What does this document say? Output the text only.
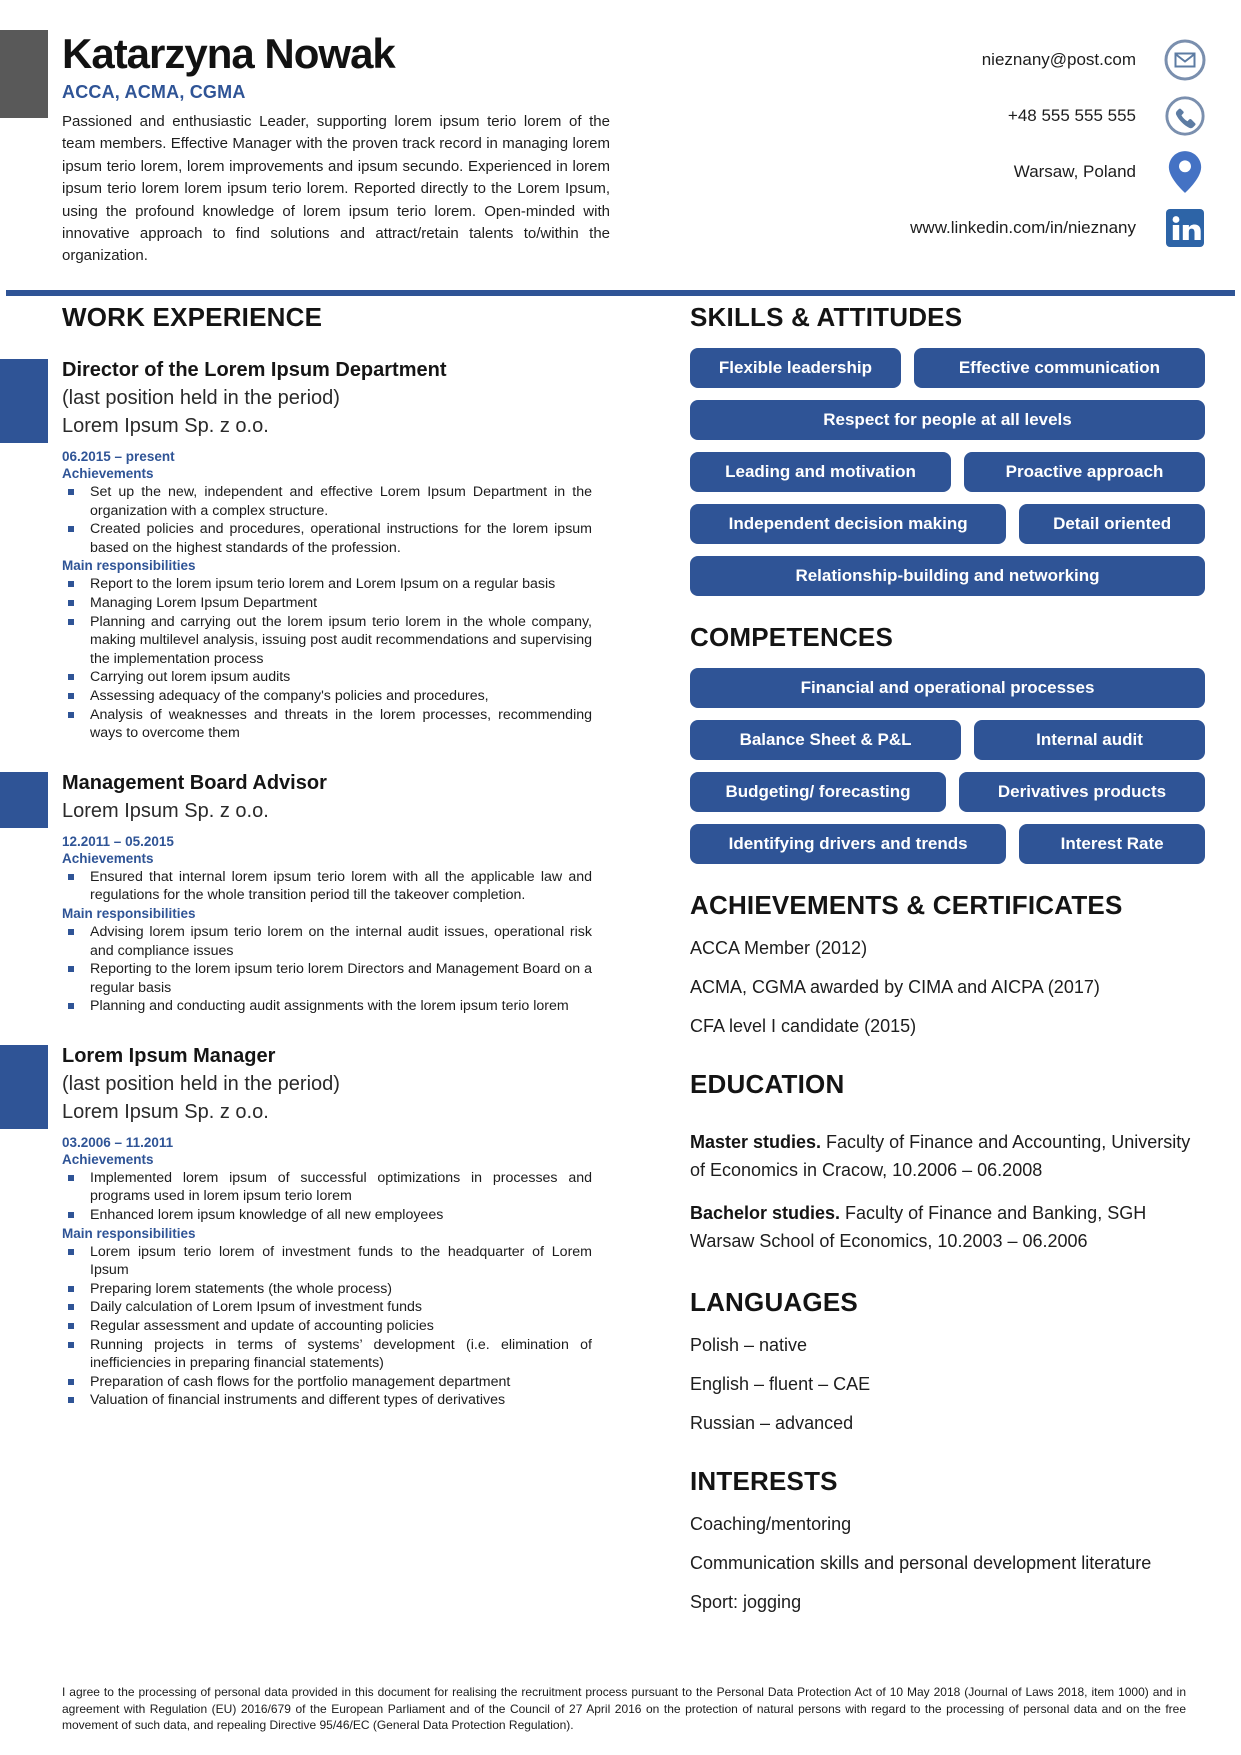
Katarzyna Nowak
ACCA, ACMA, CGMA
Passioned and enthusiastic Leader, supporting lorem ipsum terio lorem of the team members. Effective Manager with the proven track record in managing lorem ipsum terio lorem, lorem improvements and ipsum secundo. Experienced in lorem ipsum terio lorem lorem ipsum terio lorem. Reported directly to the Lorem Ipsum, using the profound knowledge of lorem ipsum terio lorem. Open-minded with innovative approach to find solutions and attract/retain talents to/within the organization.
nieznany@post.com
+48 555 555 555
Warsaw, Poland
www.linkedin.com/in/nieznany
WORK EXPERIENCE
Director of the Lorem Ipsum Department
(last position held in the period)
Lorem Ipsum Sp. z o.o.
06.2015 – present
Achievements
Set up the new, independent and effective Lorem Ipsum Department in the organization with a complex structure.
Created policies and procedures, operational instructions for the lorem ipsum based on the highest standards of the profession.
Main responsibilities
Report to the lorem ipsum terio lorem and Lorem Ipsum on a regular basis
Managing Lorem Ipsum Department
Planning and carrying out the lorem ipsum terio lorem in the whole company, making multilevel analysis, issuing post audit recommendations and supervising the implementation process
Carrying out lorem ipsum audits
Assessing adequacy of the company's policies and procedures,
Analysis of weaknesses and threats in the lorem processes, recommending ways to overcome them
Management Board Advisor
Lorem Ipsum Sp. z o.o.
12.2011 – 05.2015
Achievements
Ensured that internal lorem ipsum terio lorem with all the applicable law and regulations for the whole transition period till the takeover completion.
Main responsibilities
Advising lorem ipsum terio lorem on the internal audit issues, operational risk and compliance issues
Reporting to the lorem ipsum terio lorem Directors and Management Board on a regular basis
Planning and conducting audit assignments with the lorem ipsum terio lorem
Lorem Ipsum Manager
(last position held in the period)
Lorem Ipsum Sp. z o.o.
03.2006 – 11.2011
Achievements
Implemented lorem ipsum of successful optimizations in processes and programs used in lorem ipsum terio lorem
Enhanced lorem ipsum knowledge of all new employees
Main responsibilities
Lorem ipsum terio lorem of investment funds to the headquarter of Lorem Ipsum
Preparing lorem statements (the whole process)
Daily calculation of Lorem Ipsum of investment funds
Regular assessment and update of accounting policies
Running projects in terms of systems’ development (i.e. elimination of inefficiencies in preparing financial statements)
Preparation of cash flows for the portfolio management department
Valuation of financial instruments and different types of derivatives
SKILLS & ATTITUDES
Flexible leadership	Effective communication
Respect for people at all levels
Leading and motivation	Proactive approach
Independent decision making	Detail oriented
Relationship-building and networking
COMPETENCES
Financial and operational processes
Balance Sheet & P&L	Internal audit
Budgeting/ forecasting	Derivatives products
Identifying drivers and trends	Interest Rate
ACHIEVEMENTS & CERTIFICATES
ACCA Member (2012)
ACMA, CGMA awarded by CIMA and AICPA (2017)
CFA level I candidate (2015)
EDUCATION
Master studies. Faculty of Finance and Accounting, University of Economics in Cracow, 10.2006 – 06.2008
Bachelor studies. Faculty of Finance and Banking, SGH Warsaw School of Economics, 10.2003 – 06.2006
LANGUAGES
Polish – native
English – fluent – CAE
Russian – advanced
INTERESTS
Coaching/mentoring
Communication skills and personal development literature
Sport: jogging
I agree to the processing of personal data provided in this document for realising the recruitment process pursuant to the Personal Data Protection Act of 10 May 2018 (Journal of Laws 2018, item 1000) and in agreement with Regulation (EU) 2016/679 of the European Parliament and of the Council of 27 April 2016 on the protection of natural persons with regard to the processing of personal data and on the free movement of such data, and repealing Directive 95/46/EC (General Data Protection Regulation).
